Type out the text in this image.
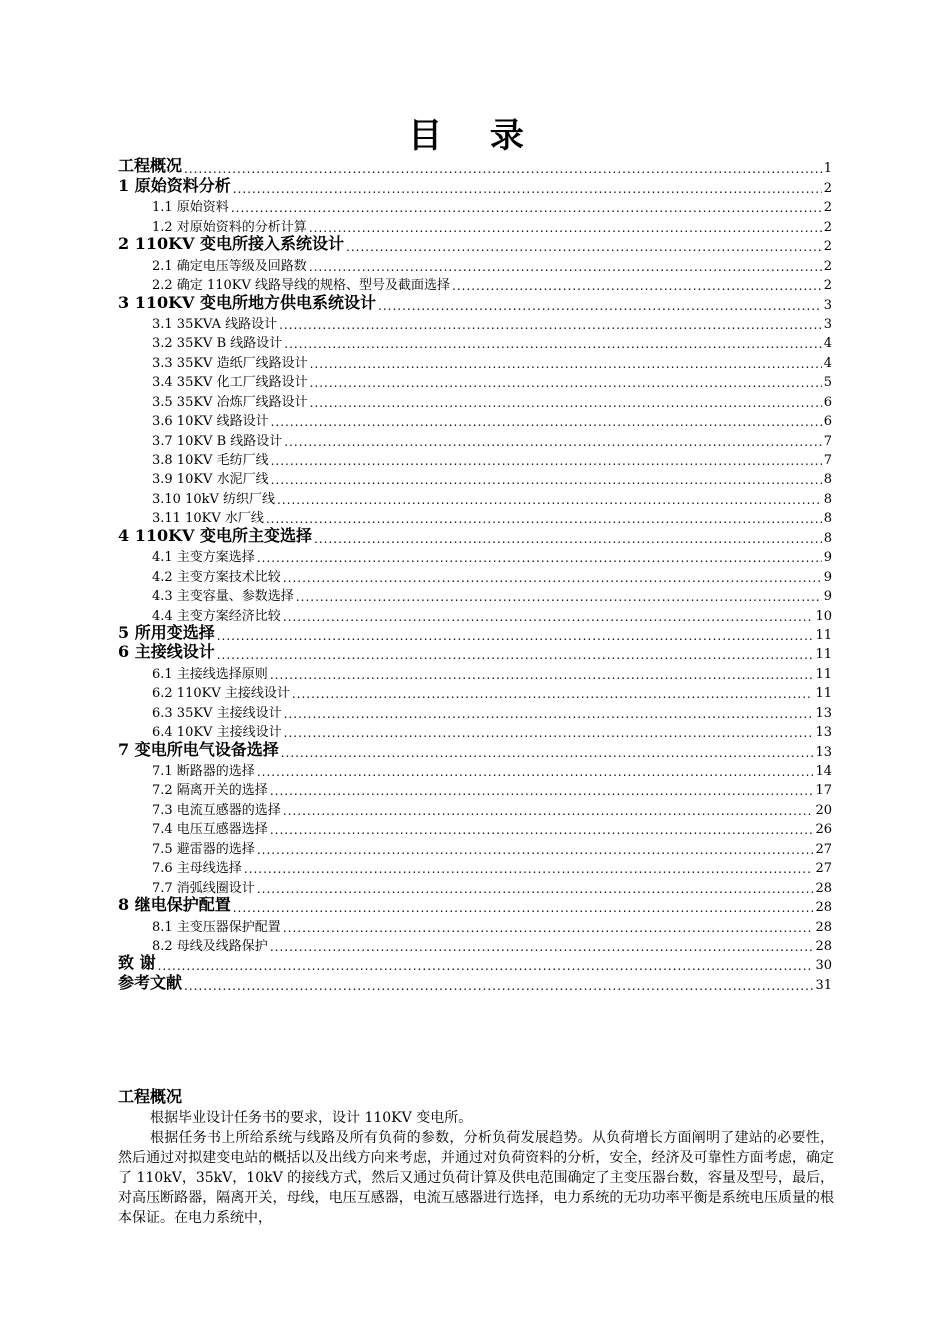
目 录
工程概况 .....	1
1 原始资料分析 .....	2
1.1 原始资料 .....	2
1.2 对原始资料的分析计算 .....	2
2 110KV 变电所接入系统设计 .....	2
2.1 确定电压等级及回路数 .....	2
2.2 确定 110KV 线路导线的规格、型号及截面选择 .....	2
3 110KV 变电所地方供电系统设计 .....	3
3.1 35KVA 线路设计 .....	3
3.2 35KV B 线路设计 .....	4
3.3 35KV 造纸厂线路设计 .....	4
3.4 35KV 化工厂线路设计 .....	5
3.5 35KV 冶炼厂线路设计 .....	6
3.6 10KV 线路设计 .....	6
3.7 10KV B 线路设计 .....	7
3.8 10KV 毛纺厂线 .....	7
3.9 10KV 水泥厂线 .....	8
3.10 10kV 纺织厂线 .....	8
3.11 10KV 水厂线 .....	8
4 110KV 变电所主变选择 .....	8
4.1 主变方案选择 .....	9
4.2 主变方案技术比较 .....	9
4.3 主变容量、参数选择 .....	9
4.4 主变方案经济比较 .....	10
5 所用变选择 .....	11
6 主接线设计 .....	11
6.1 主接线选择原则 .....	11
6.2 110KV 主接线设计 .....	11
6.3 35KV 主接线设计 .....	13
6.4 10KV 主接线设计 .....	13
7 变电所电气设备选择 .....	13
7.1 断路器的选择 .....	14
7.2 隔离开关的选择 .....	17
7.3 电流互感器的选择 .....	20
7.4 电压互感器选择 .....	26
7.5 避雷器的选择 .....	27
7.6 主母线选择 .....	27
7.7 消弧线圈设计 .....	28
8 继电保护配置 .....	28
8.1 主变压器保护配置 .....	28
8.2 母线及线路保护 .....	28
致 谢 .....	30
参考文献 .....	31
工程概况

根据毕业设计任务书的要求，设计 110KV 变电所。

根据任务书上所给系统与线路及所有负荷的参数，分析负荷发展趋势。从负荷增长方面阐明了建站的必要性，然后通过对拟建变电站的概括以及出线方向来考虑，并通过对负荷资料的分析，安全，经济及可靠性方面考虑，确定了 110kV，35kV，10kV 的接线方式，然后又通过负荷计算及供电范围确定了主变压器台数，容量及型号，最后，对高压断路器，隔离开关，母线，电压互感器，电流互感器进行选择，电力系统的无功功率平衡是系统电压质量的根本保证。在电力系统中，
